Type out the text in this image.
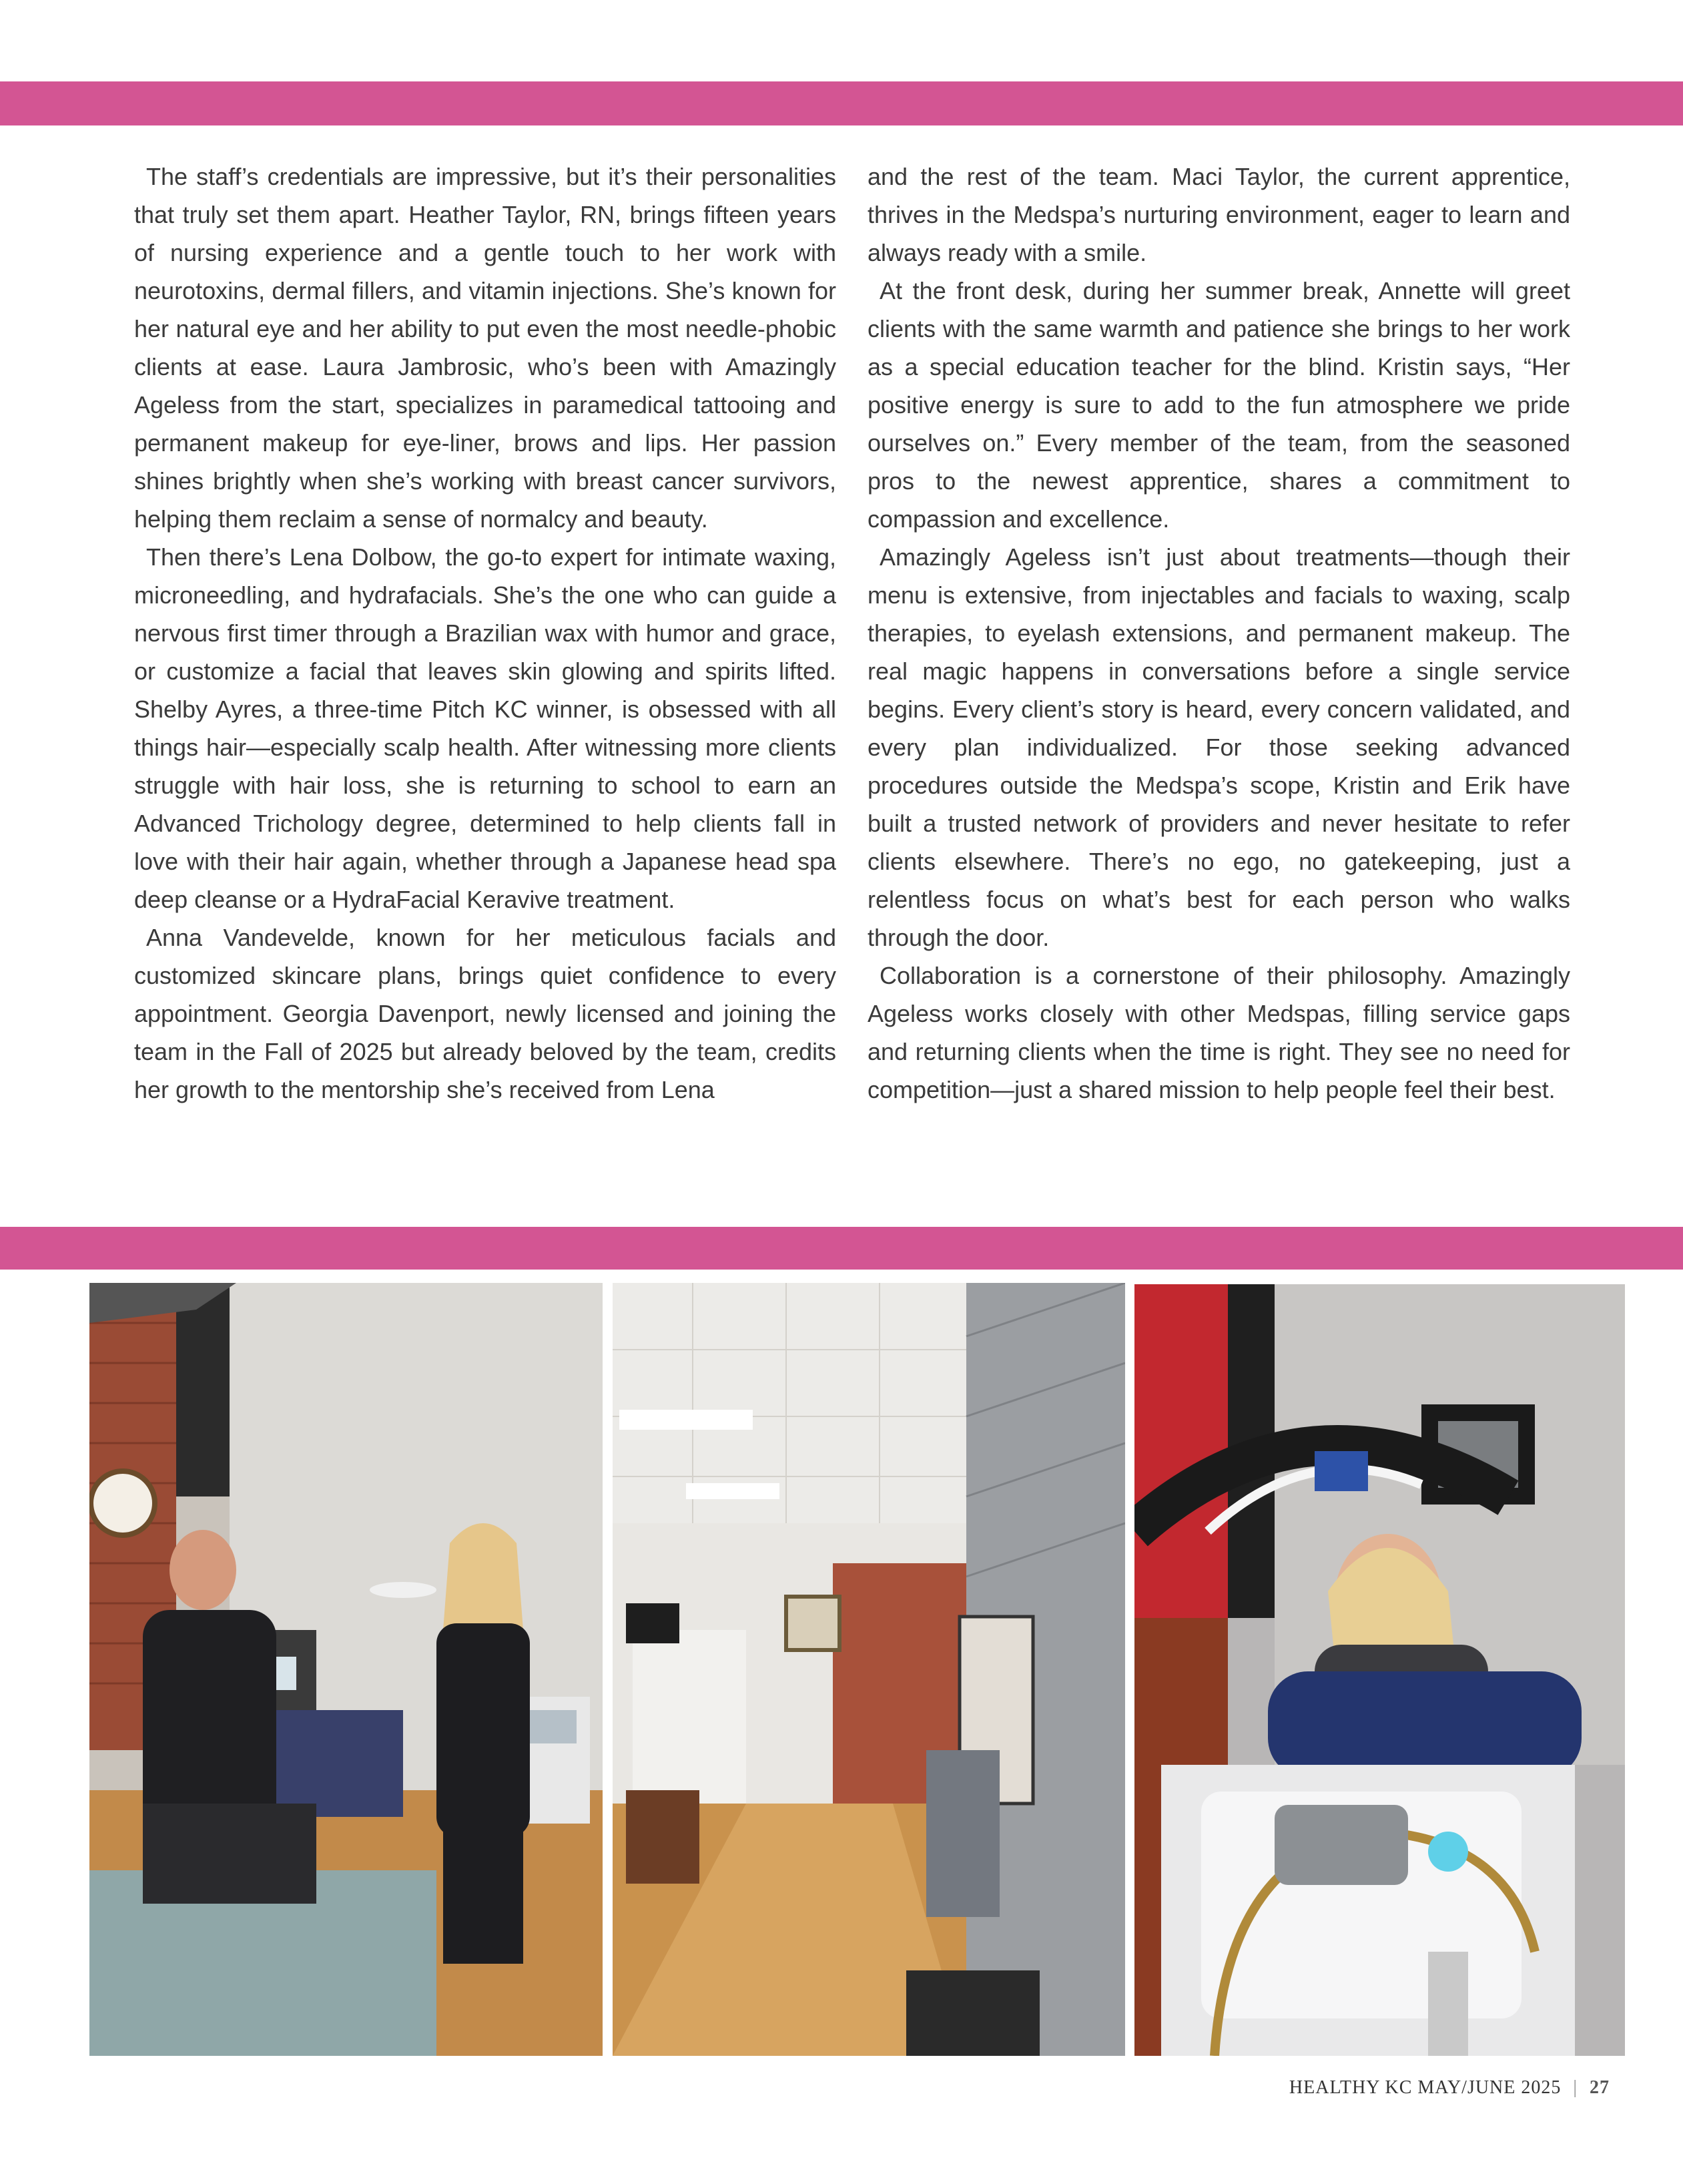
The staff’s credentials are impressive, but it’s their personalities that truly set them apart. Heather Taylor, RN, brings fifteen years of nursing experience and a gentle touch to her work with neurotoxins, dermal fillers, and vitamin injections. She’s known for her natural eye and her ability to put even the most needle-phobic clients at ease. Laura Jambrosic, who’s been with Amazingly Ageless from the start, specializes in paramedical tattooing and permanent makeup for eye-liner, brows and lips. Her passion shines brightly when she’s working with breast cancer survivors, helping them reclaim a sense of normalcy and beauty.

Then there’s Lena Dolbow, the go-to expert for intimate waxing, microneedling, and hydrafacials. She’s the one who can guide a nervous first timer through a Brazilian wax with humor and grace, or customize a facial that leaves skin glowing and spirits lifted. Shelby Ayres, a three-time Pitch KC winner, is obsessed with all things hair—especially scalp health. After witnessing more clients struggle with hair loss, she is returning to school to earn an Advanced Trichology degree, determined to help clients fall in love with their hair again, whether through a Japanese head spa deep cleanse or a HydraFacial Keravive treatment.

Anna Vandevelde, known for her meticulous facials and customized skincare plans, brings quiet confidence to every appointment. Georgia Davenport, newly licensed and joining the team in the Fall of 2025 but already beloved by the team, credits her growth to the mentorship she’s received from Lena

and the rest of the team. Maci Taylor, the current apprentice, thrives in the Medspa’s nurturing environment, eager to learn and always ready with a smile.

At the front desk, during her summer break, Annette will greet clients with the same warmth and patience she brings to her work as a special education teacher for the blind. Kristin says, “Her positive energy is sure to add to the fun atmosphere we pride ourselves on.” Every member of the team, from the seasoned pros to the newest apprentice, shares a commitment to compassion and excellence.

Amazingly Ageless isn’t just about treatments—though their menu is extensive, from injectables and facials to waxing, scalp therapies, to eyelash extensions, and permanent makeup. The real magic happens in conversations before a single service begins. Every client’s story is heard, every concern validated, and every plan individualized. For those seeking advanced procedures outside the Medspa’s scope, Kristin and Erik have built a trusted network of providers and never hesitate to refer clients elsewhere. There’s no ego, no gatekeeping, just a relentless focus on what’s best for each person who walks through the door.

Collaboration is a cornerstone of their philosophy. Amazingly Ageless works closely with other Medspas, filling service gaps and returning clients when the time is right. They see no need for competition—just a shared mission to help people feel their best.

HEALTHY KC MAY/JUNE 2025 | 27
